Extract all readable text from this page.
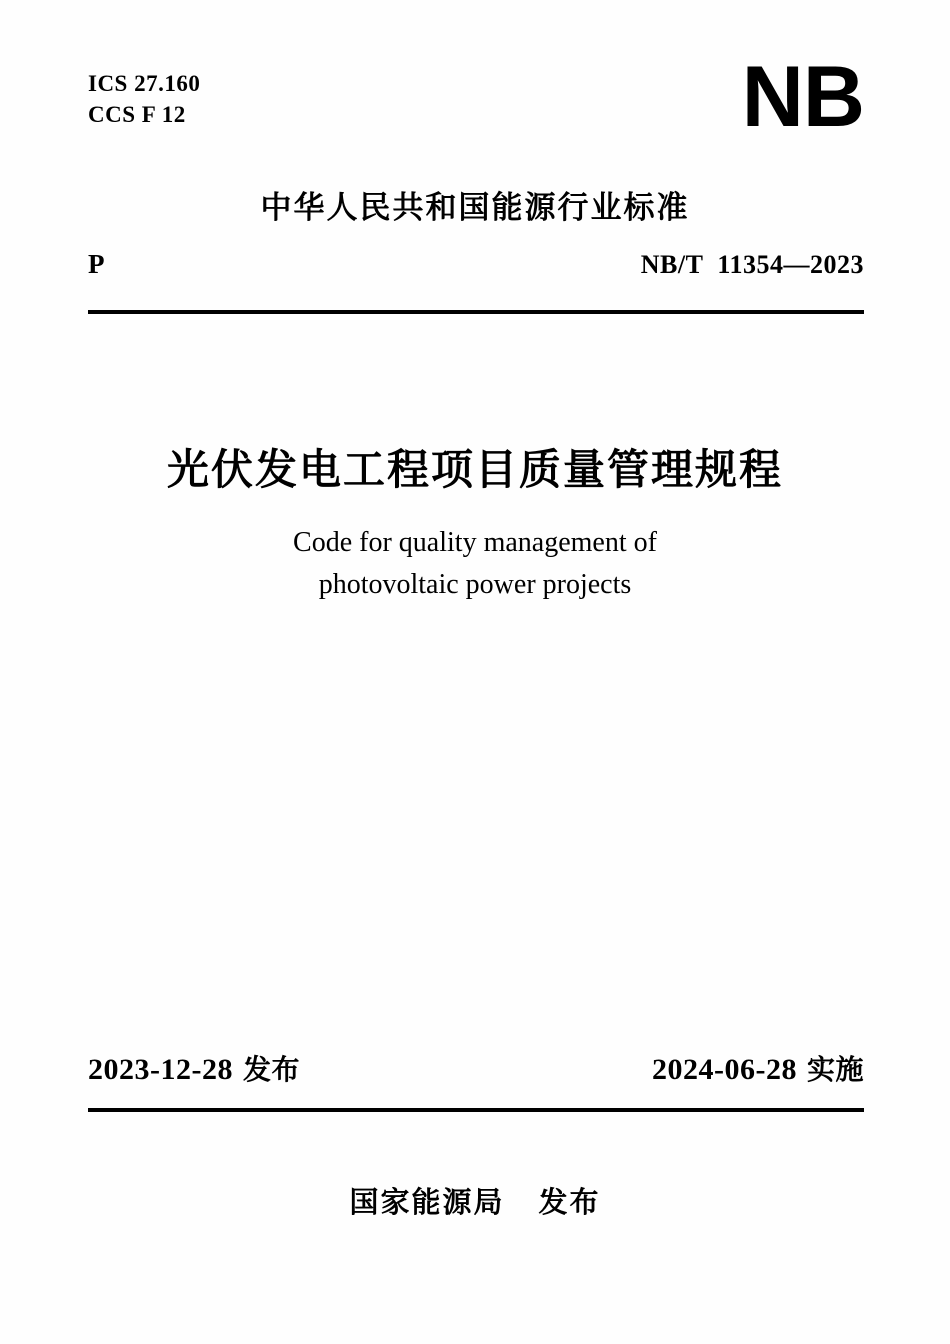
ICS 27.160
CCS F 12	NB
中华人民共和国能源行业标准
P	NB/T 11354—2023
光伏发电工程项目质量管理规程
Code for quality management of
photovoltaic power projects
2023-12-28 发布	2024-06-28 实施
国家能源局 发布
